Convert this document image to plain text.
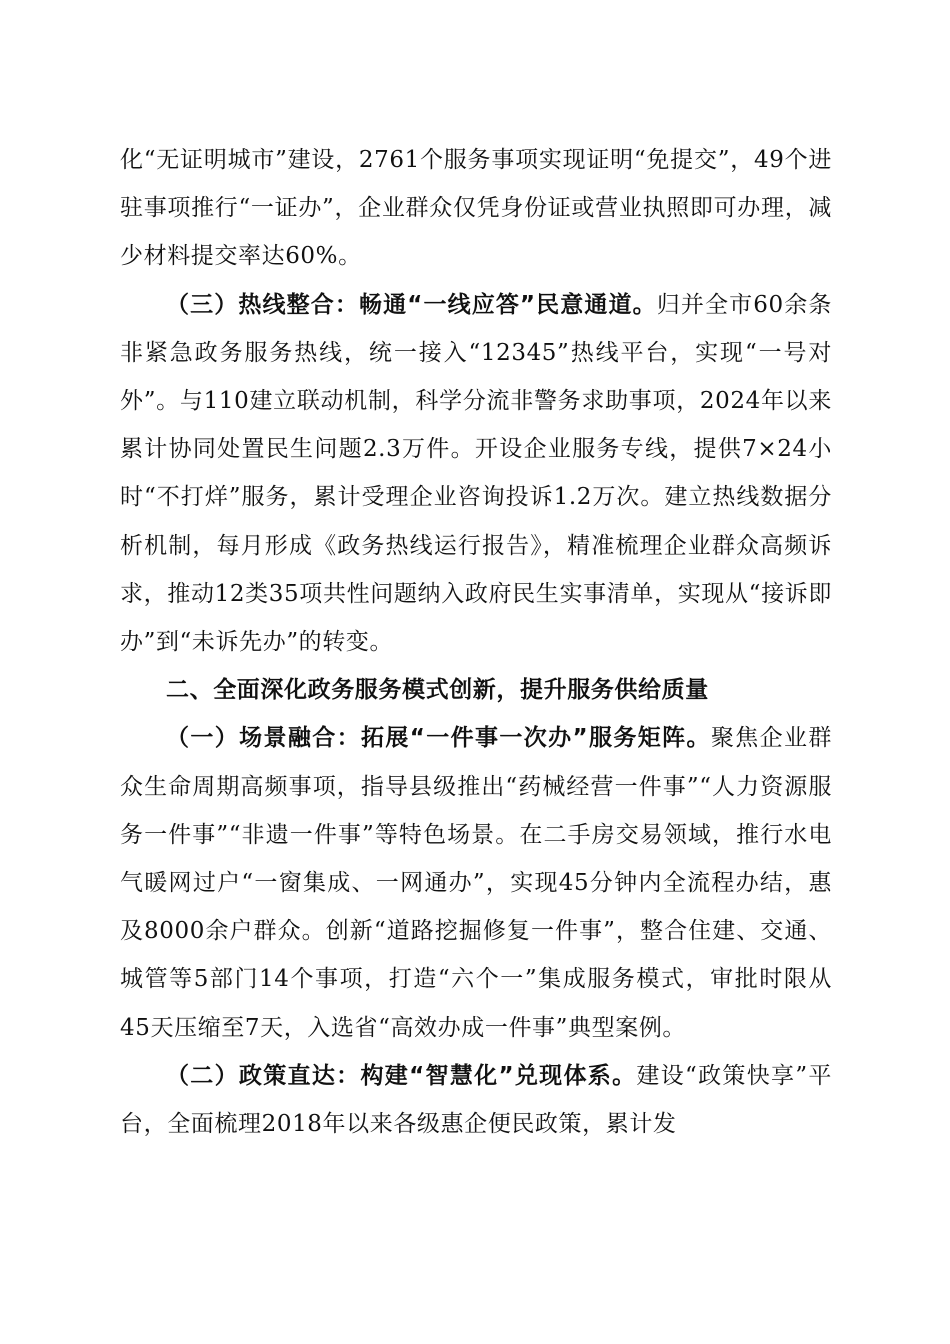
化“无证明城市”建设，2761个服务事项实现证明“免提交”，49个进驻事项推行“一证办”，企业群众仅凭身份证或营业执照即可办理，减少材料提交率达60%。

（三）热线整合：畅通“一线应答”民意通道。归并全市60余条非紧急政务服务热线，统一接入“12345”热线平台，实现“一号对外”。与110建立联动机制，科学分流非警务求助事项，2024年以来累计协同处置民生问题2.3万件。开设企业服务专线，提供7×24小时“不打烊”服务，累计受理企业咨询投诉1.2万次。建立热线数据分析机制，每月形成《政务热线运行报告》，精准梳理企业群众高频诉求，推动12类35项共性问题纳入政府民生实事清单，实现从“接诉即办”到“未诉先办”的转变。

二、全面深化政务服务模式创新，提升服务供给质量

（一）场景融合：拓展“一件事一次办”服务矩阵。聚焦企业群众生命周期高频事项，指导县级推出“药械经营一件事”“人力资源服务一件事”“非遗一件事”等特色场景。在二手房交易领域，推行水电气暖网过户“一窗集成、一网通办”，实现45分钟内全流程办结，惠及8000余户群众。创新“道路挖掘修复一件事”，整合住建、交通、城管等5部门14个事项，打造“六个一”集成服务模式，审批时限从45天压缩至7天，入选省“高效办成一件事”典型案例。

（二）政策直达：构建“智慧化”兑现体系。建设“政策快享”平台，全面梳理2018年以来各级惠企便民政策，累计发
